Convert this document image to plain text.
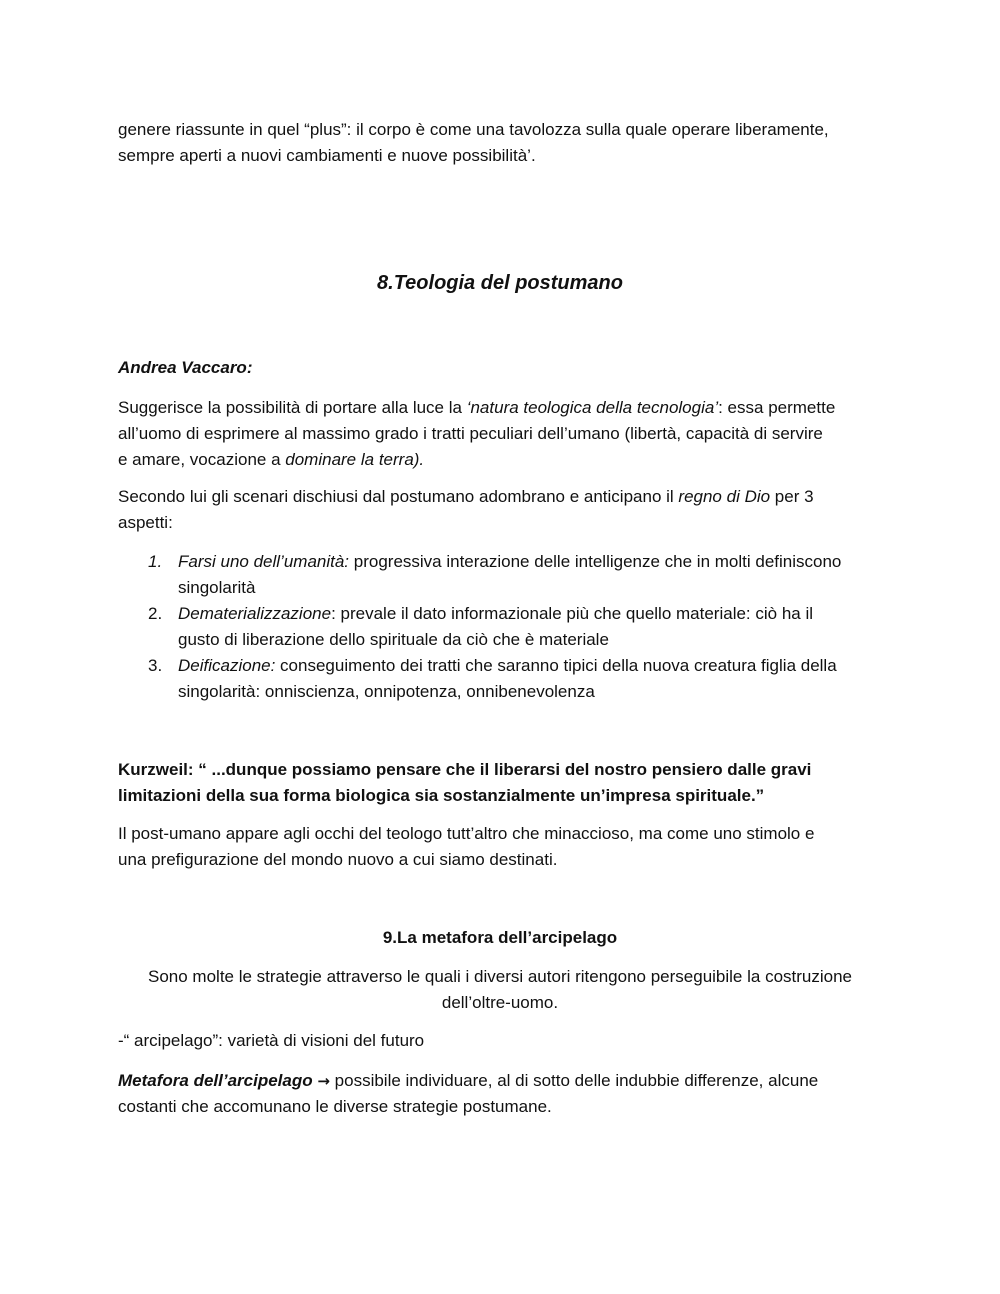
genere riassunte in quel “plus”: il corpo è come una tavolozza sulla quale operare liberamente,
sempre aperti a nuovi cambiamenti e nuove possibilità’.

8.Teologia del postumano

Andrea Vaccaro:

Suggerisce la possibilità di portare alla luce la ‘natura teologica della tecnologia’: essa permette
all’uomo di esprimere al massimo grado i tratti peculiari dell’umano (libertà, capacità di servire
e amare, vocazione a dominare la terra).

Secondo lui gli scenari dischiusi dal postumano adombrano e anticipano il regno di Dio per 3
aspetti:

1. Farsi uno dell’umanità: progressiva interazione delle intelligenze che in molti definiscono
singolarità
2. Dematerializzazione: prevale il dato informazionale più che quello materiale: ciò ha il
gusto di liberazione dello spirituale da ciò che è materiale
3. Deificazione: conseguimento dei tratti che saranno tipici della nuova creatura figlia della
singolarità: onniscienza, onnipotenza, onnibenevolenza

Kurzweil: “ ...dunque possiamo pensare che il liberarsi del nostro pensiero dalle gravi
limitazioni della sua forma biologica sia sostanzialmente un’impresa spirituale.”

Il post-umano appare agli occhi del teologo tutt’altro che minaccioso, ma come uno stimolo e
una prefigurazione del mondo nuovo a cui siamo destinati.

9.La metafora dell’arcipelago

Sono molte le strategie attraverso le quali i diversi autori ritengono perseguibile la costruzione
dell’oltre-uomo.

-“ arcipelago”: varietà di visioni del futuro

Metafora dell’arcipelago → possibile individuare, al di sotto delle indubbie differenze, alcune
costanti che accomunano le diverse strategie postumane.
